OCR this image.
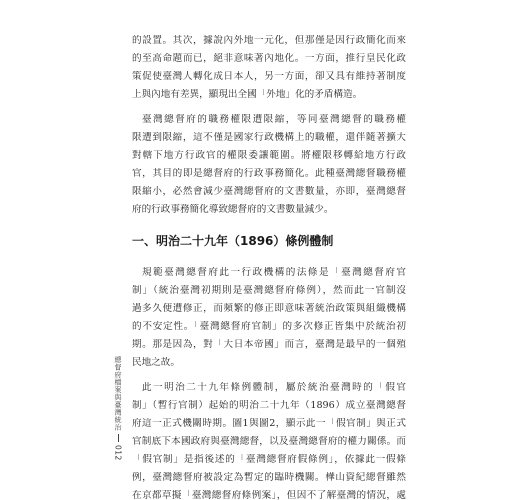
的設置。其次，據說內外地一元化，但那僅是因行政簡化而來
的至高命題而已，絕非意味著內地化。一方面，推行皇民化政
策促使臺灣人轉化成日本人，另一方面，卻又具有維持著制度
上與內地有差異，顯現出全國「外地」化的矛盾構造。
臺灣總督府的職務權限遭限縮，等同臺灣總督的職務權
限遭到限縮，這不僅是國家行政機構上的職權，還伴隨著擴大
對轄下地方行政官的權限委讓範圍。將權限移轉給地方行政
官，其目的即是總督府的行政事務簡化。此種臺灣總督職務權
限縮小，必然會減少臺灣總督府的文書數量，亦即，臺灣總督
府的行政事務簡化導致總督府的文書數量減少。
一、明治二十九年（1896）條例體制
規範臺灣總督府此一行政機構的法條是「臺灣總督府官
制」（統治臺灣初期則是臺灣總督府條例），然而此一官制沒
過多久便遭修正，而頻繁的修正即意味著統治政策與組織機構
的不安定性。「臺灣總督府官制」的多次修正皆集中於統治初
期。那是因為，對「大日本帝國」而言，臺灣是最早的一個殖
民地之故。
此一明治二十九年條例體制，屬於統治臺灣時的「假官
制」（暫行官制）起始的明治二十九年（1896）成立臺灣總督
府這一正式機關時期。圖1與圖2，顯示此一「假官制」與正式
官制底下本國政府與臺灣總督，以及臺灣總督府的權力關係。而
「假官制」是指後述的「臺灣總督府假條例」，依據此一假條
例，臺灣總督府被設定為暫定的臨時機關。樺山資紀總督雖然
在京都草擬「臺灣總督府條例案」，但因不了解臺灣的情況，處
總督府檔案與臺灣統治
012
